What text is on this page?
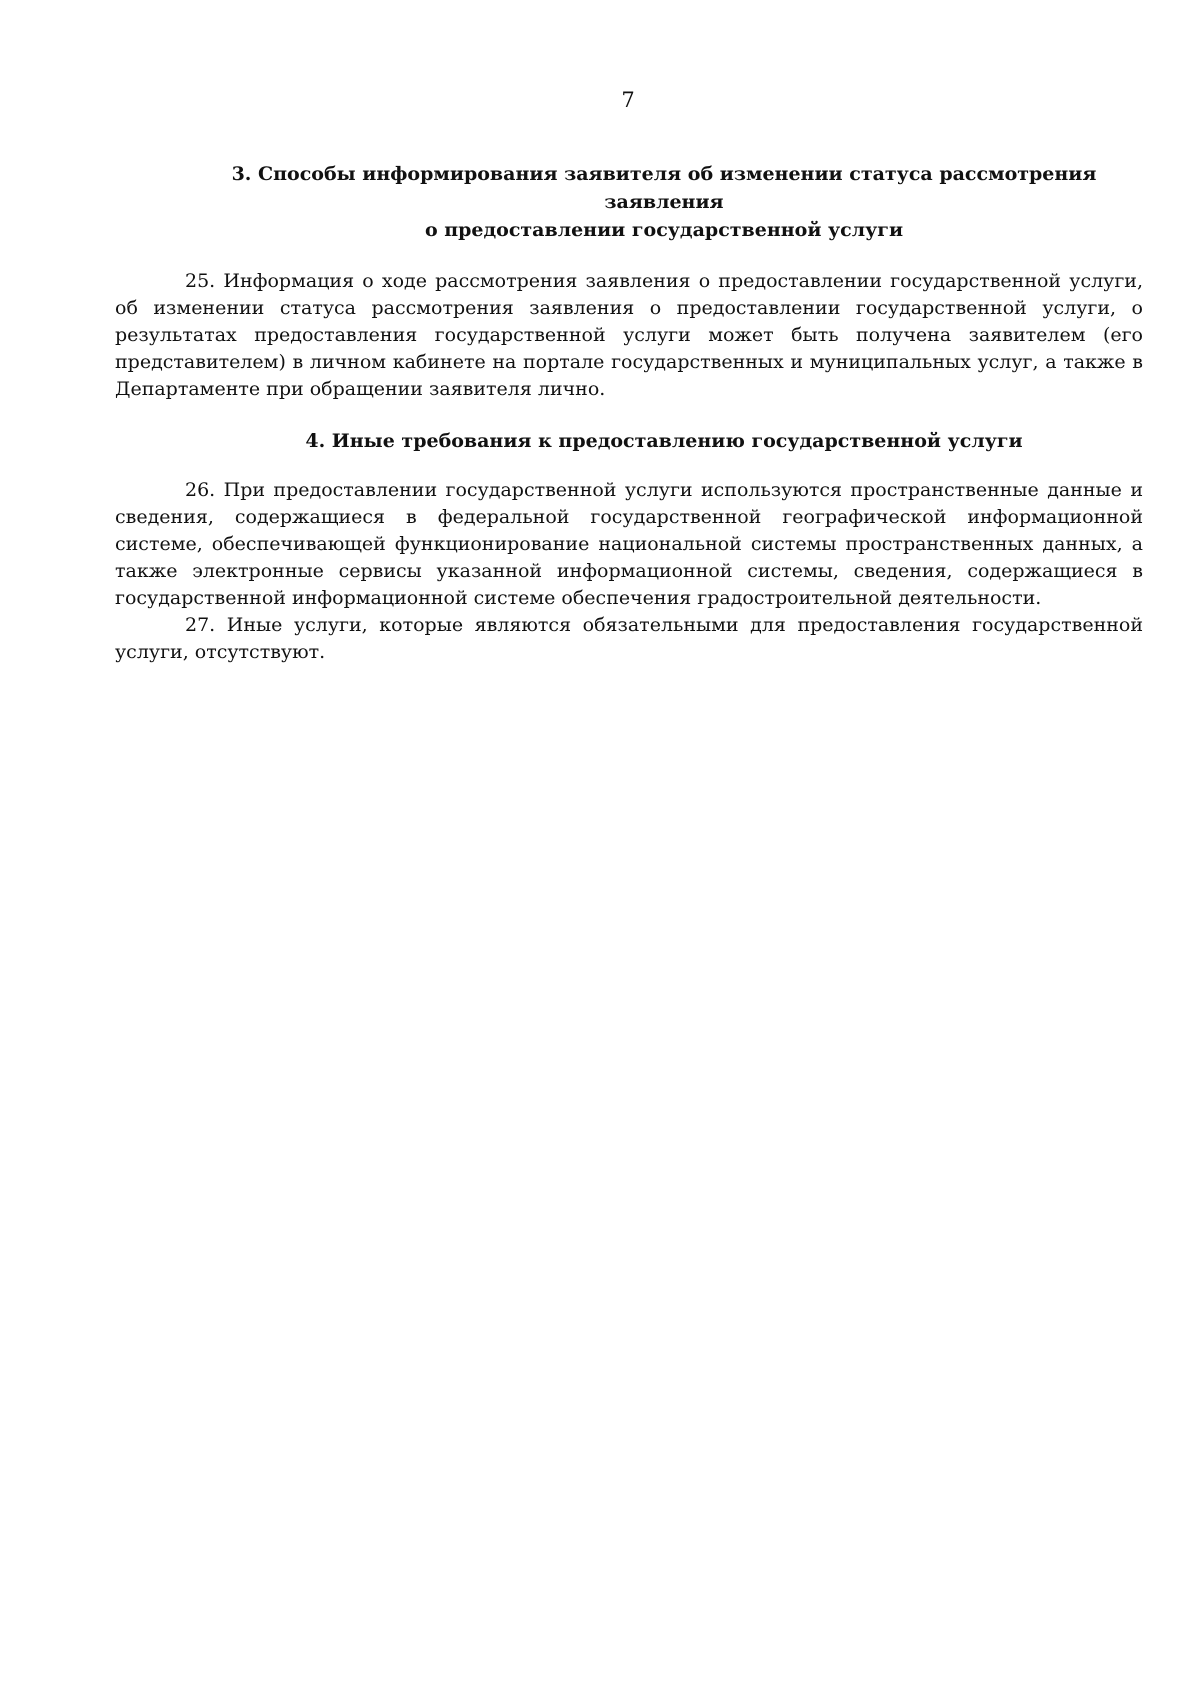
7
3. Способы информирования заявителя об изменении статуса рассмотрения заявления
о предоставлении государственной услуги

25. Информация о ходе рассмотрения заявления о предоставлении государственной услуги, об изменении статуса рассмотрения заявления о предоставлении государственной услуги, о результатах предоставления государственной услуги может быть получена заявителем (его представителем) в личном кабинете на портале государственных и муниципальных услуг, а также в Департаменте при обращении заявителя лично.

4. Иные требования к предоставлению государственной услуги

26. При предоставлении государственной услуги используются пространственные данные и сведения, содержащиеся в федеральной государственной географической информационной системе, обеспечивающей функционирование национальной системы пространственных данных, а также электронные сервисы указанной информационной системы, сведения, содержащиеся в государственной информационной системе обеспечения градостроительной деятельности.

27. Иные услуги, которые являются обязательными для предоставления государственной услуги, отсутствуют.
